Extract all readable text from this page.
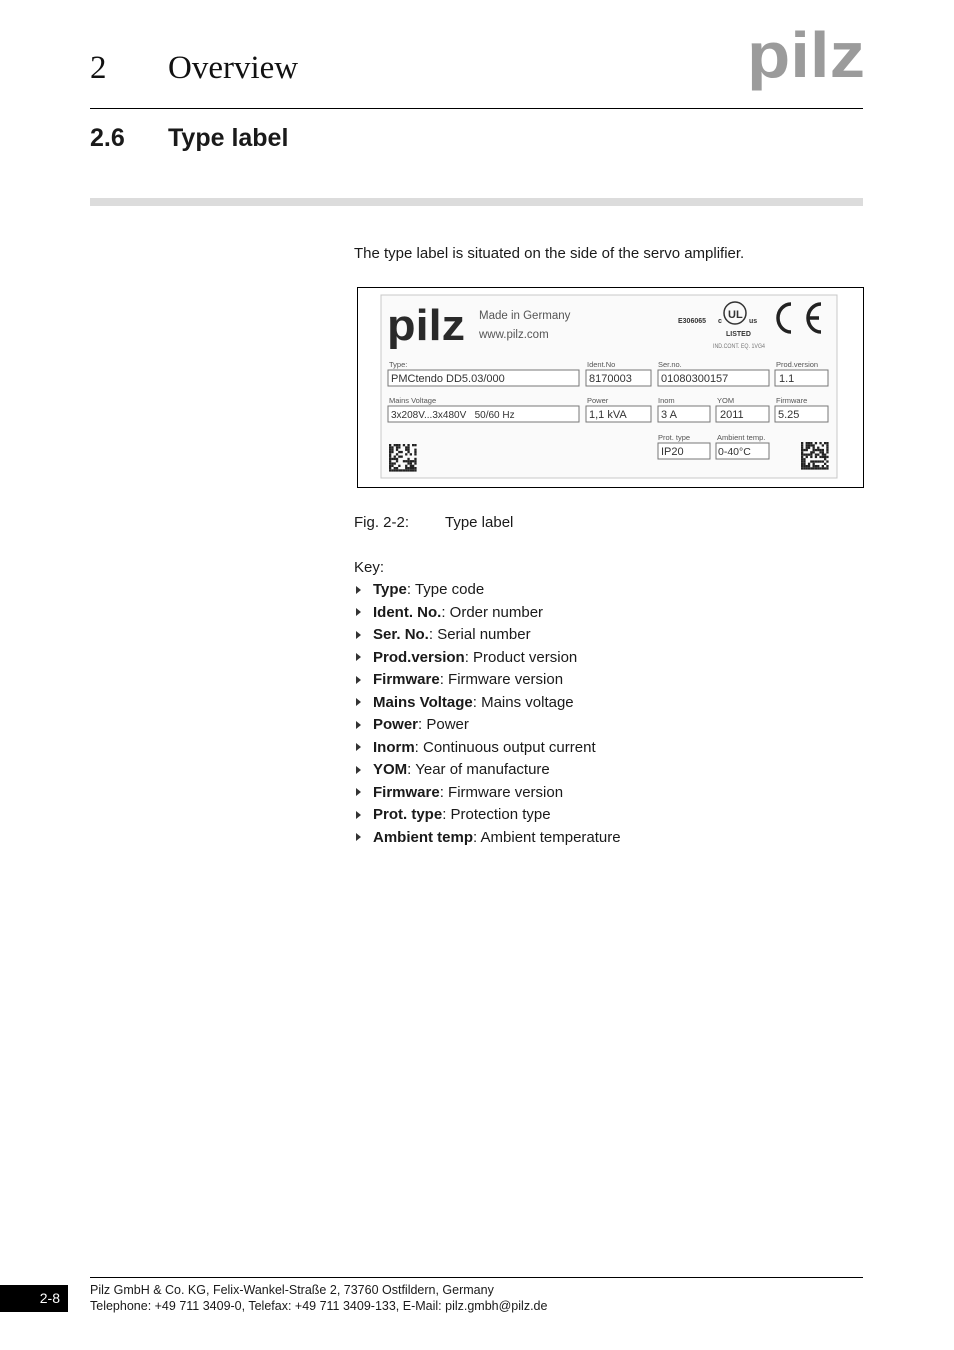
2 Overview	pilz
2.6 Type label
The type label is situated on the side of the servo amplifier.
pilz Made in Germany
www.pilz.com
E306065 c
UL
us
LISTED
IND.CONT. EQ. 1VG4
Type:	Ident.No	Ser.no.	Prod.version
PMCtendo DD5.03/000	8170003	01080300157	1.1
Mains Voltage	Power	Inom	YOM	Firmware
3x208V...3x480V   50/60 Hz	1,1 kVA	3 A	2011	5.25
Prot. type	Ambient temp.
IP20	0-40°C
Fig. 2-2: Type label
Key:
Type: Type code
Ident. No.: Order number
Ser. No.: Serial number
Prod.version: Product version
Firmware: Firmware version
Mains Voltage: Mains voltage
Power: Power
Inorm: Continuous output current
YOM: Year of manufacture
Firmware: Firmware version
Prot. type: Protection type
Ambient temp: Ambient temperature
2-8	Pilz GmbH & Co. KG, Felix-Wankel-Straße 2, 73760 Ostfildern, Germany
Telephone: +49 711 3409-0, Telefax: +49 711 3409-133, E-Mail: pilz.gmbh@pilz.de
